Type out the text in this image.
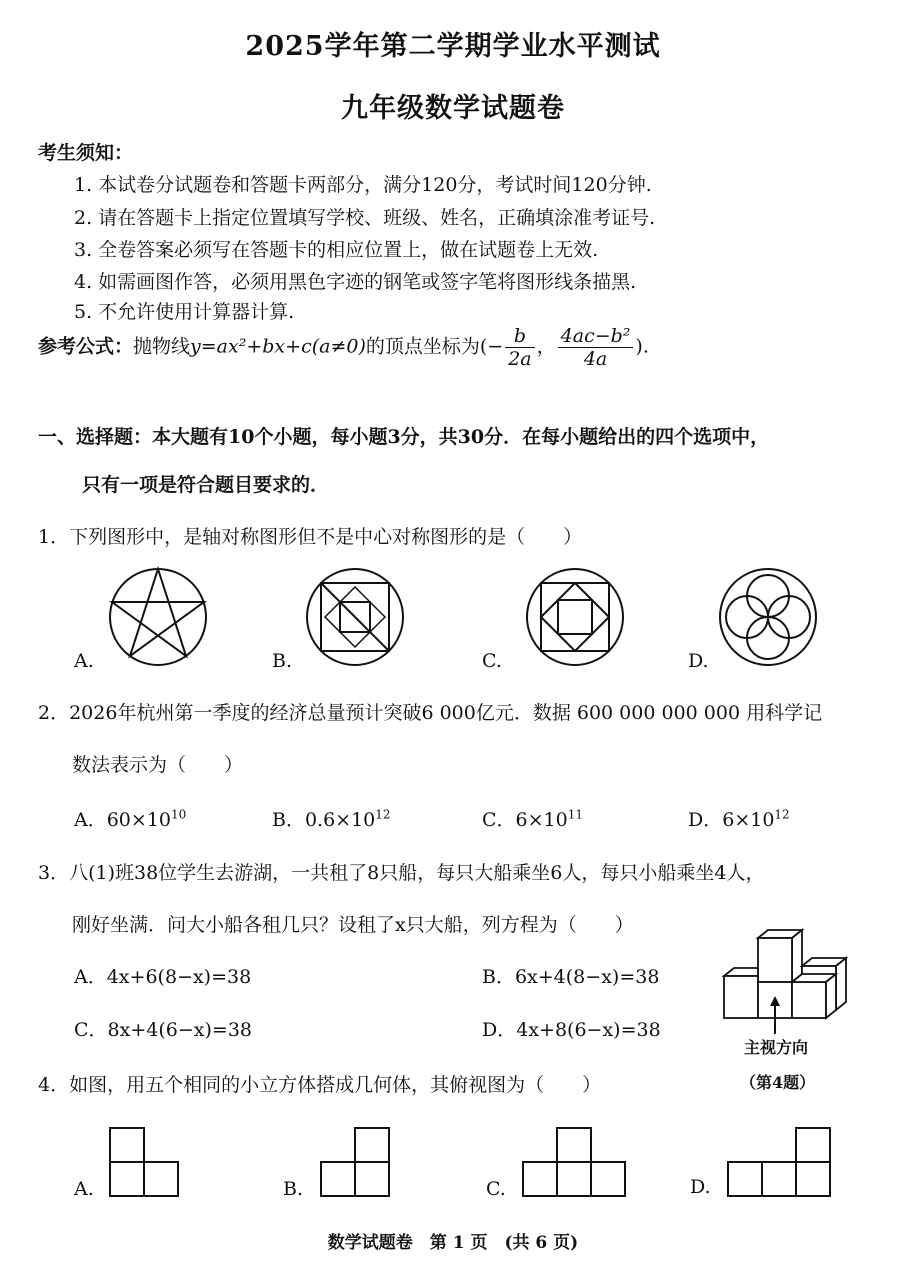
2025学年第二学期学业水平测试
九年级数学试题卷
考生须知：
1. 本试卷分试题卷和答题卡两部分，满分120分，考试时间120分钟.
2. 请在答题卡上指定位置填写学校、班级、姓名，正确填涂准考证号.
3. 全卷答案必须写在答题卡的相应位置上，做在试题卷上无效.
4. 如需画图作答，必须用黑色字迹的钢笔或签字笔将图形线条描黑.
5. 不允许使用计算器计算.
参考公式：抛物线y=ax²+bx+c(a≠0)的顶点坐标为(− $\frac{b}{2a}$ ， $\frac{\text{4ac−b²}}{4a}$ ).
一、选择题：本大题有10个小题，每小题3分，共30分．在每小题给出的四个选项中，
只有一项是符合题目要求的．
1．下列图形中，是轴对称图形但不是中心对称图形的是（　　）
A.	B.	C.	D.
2．2026年杭州第一季度的经济总量预计突破6 000亿元．数据 600 000 000 000 用科学记
数法表示为（　　）
A．$60\times 10^{10}$	B．$0.6\times 10^{12}$	C．$6\times 10^{11}$	D．$6\times 10^{12}$
3．八(1)班38位学生去游湖，一共租了8只船，每只大船乘坐6人，每只小船乘坐4人，
刚好坐满．问大小船各租几只？设租了x只大船，列方程为（　　）
A．4x+6(8−x)=38	B．6x+4(8−x)=38
C．8x+4(6−x)=38	D．4x+8(6−x)=38
主视方向
（第4题）
4．如图，用五个相同的小立方体搭成几何体，其俯视图为（　　）
A.	B.	C.	D.
数学试题卷　第 1 页　(共 6 页)
